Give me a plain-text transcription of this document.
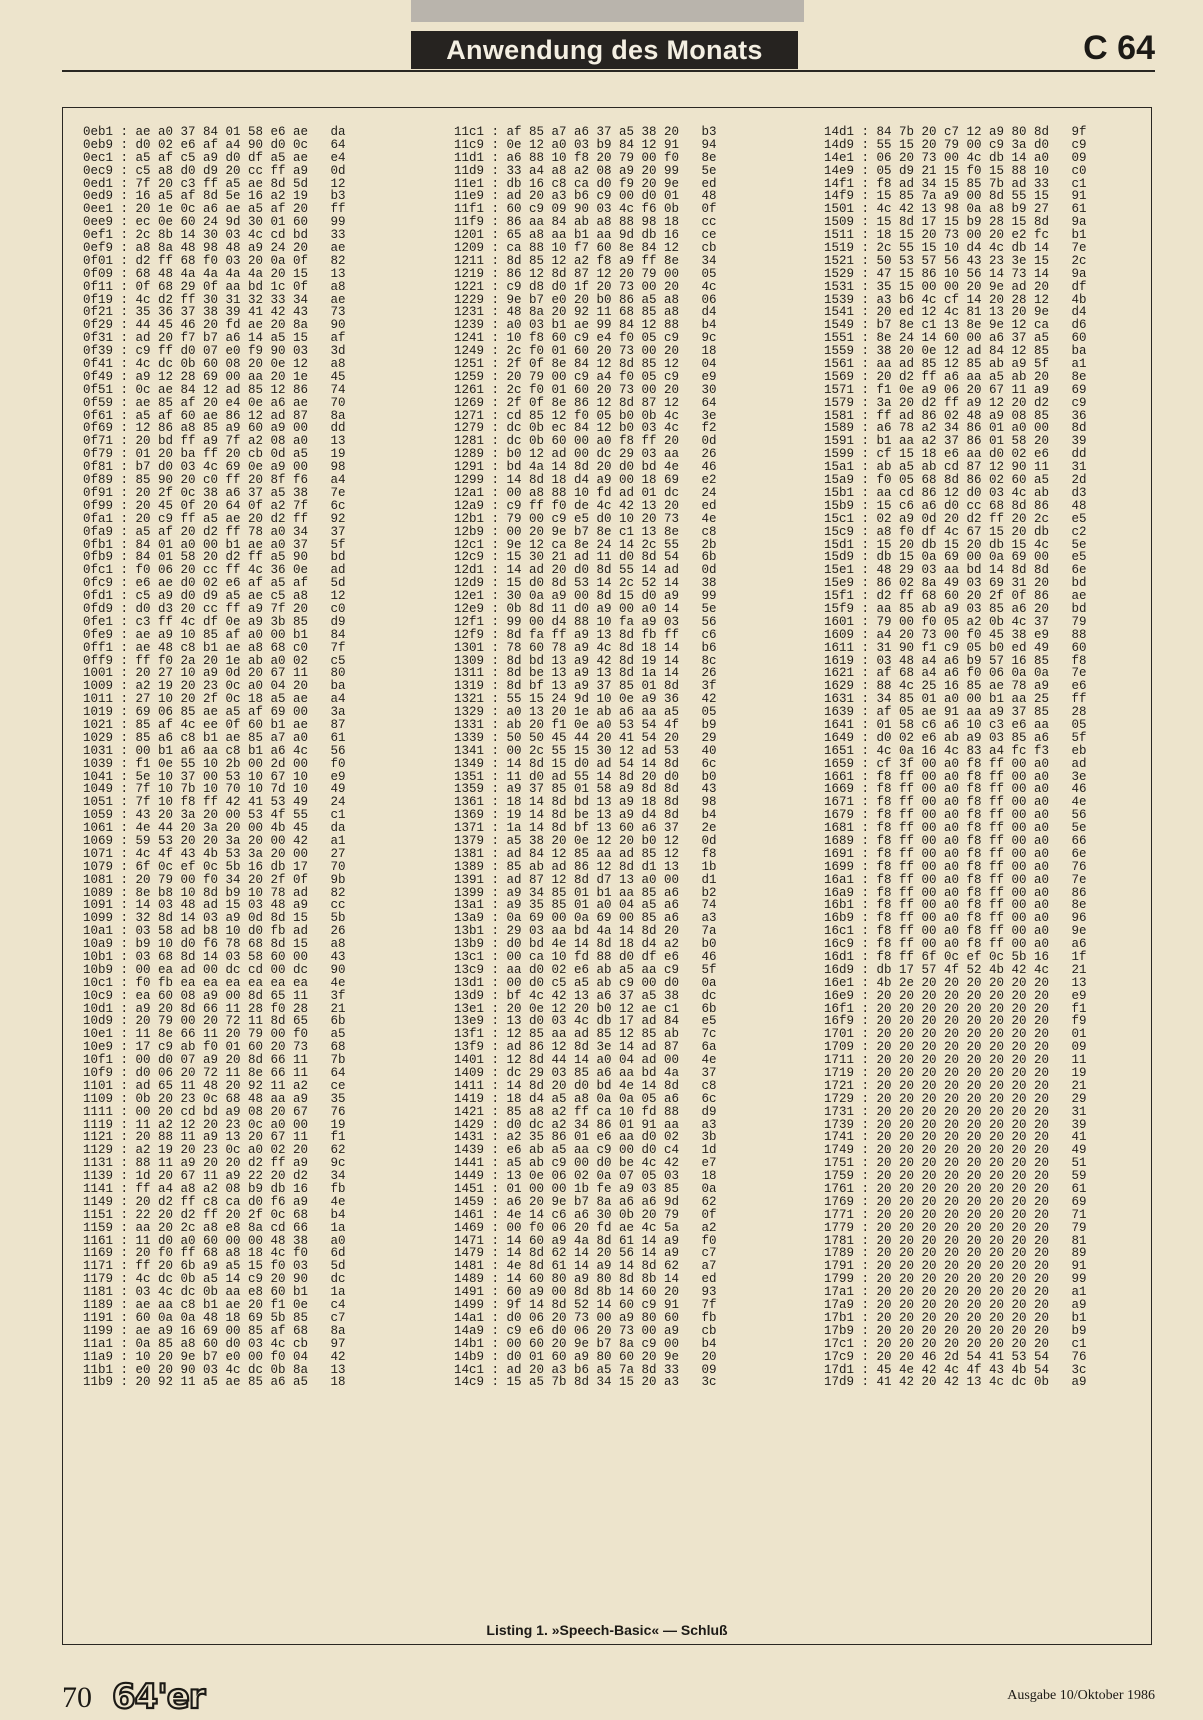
Anwendung des Monats	C 64
0eb1 : ae a0 37 84 01 58 e6 ae   da
0eb9 : d0 02 e6 af a4 90 d0 0c   64
0ec1 : a5 af c5 a9 d0 df a5 ae   e4
0ec9 : c5 a8 d0 d9 20 cc ff a9   0d
0ed1 : 7f 20 c3 ff a5 ae 8d 5d   12
0ed9 : 16 a5 af 8d 5e 16 a2 19   b3
0ee1 : 20 1e 0c a6 ae a5 af 20   ff
0ee9 : ec 0e 60 24 9d 30 01 60   99
0ef1 : 2c 8b 14 30 03 4c cd bd   33
0ef9 : a8 8a 48 98 48 a9 24 20   ae
0f01 : d2 ff 68 f0 03 20 0a 0f   82
0f09 : 68 48 4a 4a 4a 4a 20 15   13
0f11 : 0f 68 29 0f aa bd 1c 0f   a8
0f19 : 4c d2 ff 30 31 32 33 34   ae
0f21 : 35 36 37 38 39 41 42 43   73
0f29 : 44 45 46 20 fd ae 20 8a   90
0f31 : ad 20 f7 b7 a6 14 a5 15   af
0f39 : c9 ff d0 07 e0 f9 90 03   3d
0f41 : 4c dc 0b 60 08 20 0e 12   a8
0f49 : a9 12 28 69 00 aa 20 1e   45
0f51 : 0c ae 84 12 ad 85 12 86   74
0f59 : ae 85 af 20 e4 0e a6 ae   70
0f61 : a5 af 60 ae 86 12 ad 87   8a
0f69 : 12 86 a8 85 a9 60 a9 00   dd
0f71 : 20 bd ff a9 7f a2 08 a0   13
0f79 : 01 20 ba ff 20 cb 0d a5   19
0f81 : b7 d0 03 4c 69 0e a9 00   98
0f89 : 85 90 20 c0 ff 20 8f f6   a4
0f91 : 20 2f 0c 38 a6 37 a5 38   7e
0f99 : 20 45 0f 20 64 0f a2 7f   6c
0fa1 : 20 c9 ff a5 ae 20 d2 ff   92
0fa9 : a5 af 20 d2 ff 78 a0 34   37
0fb1 : 84 01 a0 00 b1 ae a0 37   5f
0fb9 : 84 01 58 20 d2 ff a5 90   bd
0fc1 : f0 06 20 cc ff 4c 36 0e   ad
0fc9 : e6 ae d0 02 e6 af a5 af   5d
0fd1 : c5 a9 d0 d9 a5 ae c5 a8   12
0fd9 : d0 d3 20 cc ff a9 7f 20   c0
0fe1 : c3 ff 4c df 0e a9 3b 85   d9
0fe9 : ae a9 10 85 af a0 00 b1   84
0ff1 : ae 48 c8 b1 ae a8 68 c0   7f
0ff9 : ff f0 2a 20 1e ab a0 02   c5
1001 : 20 27 10 a9 0d 20 67 11   80
1009 : a2 19 20 23 0c a0 04 20   ba
1011 : 27 10 20 2f 0c 18 a5 ae   a4
1019 : 69 06 85 ae a5 af 69 00   3a
1021 : 85 af 4c ee 0f 60 b1 ae   87
1029 : 85 a6 c8 b1 ae 85 a7 a0   61
1031 : 00 b1 a6 aa c8 b1 a6 4c   56
1039 : f1 0e 55 10 2b 00 2d 00   f0
1041 : 5e 10 37 00 53 10 67 10   e9
1049 : 7f 10 7b 10 70 10 7d 10   49
1051 : 7f 10 f8 ff 42 41 53 49   24
1059 : 43 20 3a 20 00 53 4f 55   c1
1061 : 4e 44 20 3a 20 00 4b 45   da
1069 : 59 53 20 20 3a 20 00 42   a1
1071 : 4c 4f 43 4b 53 3a 20 00   27
1079 : 6f 0c ef 0c 5b 16 db 17   70
1081 : 20 79 00 f0 34 20 2f 0f   9b
1089 : 8e b8 10 8d b9 10 78 ad   82
1091 : 14 03 48 ad 15 03 48 a9   cc
1099 : 32 8d 14 03 a9 0d 8d 15   5b
10a1 : 03 58 ad b8 10 d0 fb ad   26
10a9 : b9 10 d0 f6 78 68 8d 15   a8
10b1 : 03 68 8d 14 03 58 60 00   43
10b9 : 00 ea ad 00 dc cd 00 dc   90
10c1 : f0 fb ea ea ea ea ea ea   4e
10c9 : ea 60 08 a9 00 8d 65 11   3f
10d1 : a9 20 8d 66 11 28 f0 28   21
10d9 : 20 79 00 20 72 11 8d 65   6b
10e1 : 11 8e 66 11 20 79 00 f0   a5
10e9 : 17 c9 ab f0 01 60 20 73   68
10f1 : 00 d0 07 a9 20 8d 66 11   7b
10f9 : d0 06 20 72 11 8e 66 11   64
1101 : ad 65 11 48 20 92 11 a2   ce
1109 : 0b 20 23 0c 68 48 aa a9   35
1111 : 00 20 cd bd a9 08 20 67   76
1119 : 11 a2 12 20 23 0c a0 00   19
1121 : 20 88 11 a9 13 20 67 11   f1
1129 : a2 19 20 23 0c a0 02 20   62
1131 : 88 11 a9 20 20 d2 ff a9   9c
1139 : 1d 20 67 11 a9 22 20 d2   34
1141 : ff a4 a8 a2 08 b9 db 16   fb
1149 : 20 d2 ff c8 ca d0 f6 a9   4e
1151 : 22 20 d2 ff 20 2f 0c 68   b4
1159 : aa 20 2c a8 e8 8a cd 66   1a
1161 : 11 d0 a0 60 00 00 48 38   a0
1169 : 20 f0 ff 68 a8 18 4c f0   6d
1171 : ff 20 6b a9 a5 15 f0 03   5d
1179 : 4c dc 0b a5 14 c9 20 90   dc
1181 : 03 4c dc 0b aa e8 60 b1   1a
1189 : ae aa c8 b1 ae 20 f1 0e   c4
1191 : 60 0a 0a 48 18 69 5b 85   c7
1199 : ae a9 16 69 00 85 af 68   8a
11a1 : 0a 85 a8 60 d0 03 4c cb   97
11a9 : 10 20 9e b7 e0 00 f0 04   42
11b1 : e0 20 90 03 4c dc 0b 8a   13
11b9 : 20 92 11 a5 ae 85 a6 a5   18
11c1 : af 85 a7 a6 37 a5 38 20   b3
11c9 : 0e 12 a0 03 b9 84 12 91   94
11d1 : a6 88 10 f8 20 79 00 f0   8e
11d9 : 33 a4 a8 a2 08 a9 20 99   5e
11e1 : db 16 c8 ca d0 f9 20 9e   ed
11e9 : ad 20 a3 b6 c9 00 d0 01   48
11f1 : 60 c9 09 90 03 4c f6 0b   0f
11f9 : 86 aa 84 ab a8 88 98 18   cc
1201 : 65 a8 aa b1 aa 9d db 16   ce
1209 : ca 88 10 f7 60 8e 84 12   cb
1211 : 8d 85 12 a2 f8 a9 ff 8e   34
1219 : 86 12 8d 87 12 20 79 00   05
1221 : c9 d8 d0 1f 20 73 00 20   4c
1229 : 9e b7 e0 20 b0 86 a5 a8   06
1231 : 48 8a 20 92 11 68 85 a8   d4
1239 : a0 03 b1 ae 99 84 12 88   b4
1241 : 10 f8 60 c9 e4 f0 05 c9   9c
1249 : 2c f0 01 60 20 73 00 20   18
1251 : 2f 0f 8e 84 12 8d 85 12   04
1259 : 20 79 00 c9 a4 f0 05 c9   e9
1261 : 2c f0 01 60 20 73 00 20   30
1269 : 2f 0f 8e 86 12 8d 87 12   64
1271 : cd 85 12 f0 05 b0 0b 4c   3e
1279 : dc 0b ec 84 12 b0 03 4c   f2
1281 : dc 0b 60 00 a0 f8 ff 20   0d
1289 : b0 12 ad 00 dc 29 03 aa   26
1291 : bd 4a 14 8d 20 d0 bd 4e   46
1299 : 14 8d 18 d4 a9 00 18 69   e2
12a1 : 00 a8 88 10 fd ad 01 dc   24
12a9 : c9 ff f0 de 4c 42 13 20   ed
12b1 : 79 00 c9 e5 d0 10 20 73   4e
12b9 : 00 20 9e b7 8e c1 13 8e   c8
12c1 : 9e 12 ca 8e 24 14 2c 55   2b
12c9 : 15 30 21 ad 11 d0 8d 54   6b
12d1 : 14 ad 20 d0 8d 55 14 ad   0d
12d9 : 15 d0 8d 53 14 2c 52 14   38
12e1 : 30 0a a9 00 8d 15 d0 a9   99
12e9 : 0b 8d 11 d0 a9 00 a0 14   5e
12f1 : 99 00 d4 88 10 fa a9 03   56
12f9 : 8d fa ff a9 13 8d fb ff   c6
1301 : 78 60 78 a9 4c 8d 18 14   b6
1309 : 8d bd 13 a9 42 8d 19 14   8c
1311 : 8d be 13 a9 13 8d 1a 14   26
1319 : 8d bf 13 a9 37 85 01 8d   3f
1321 : 55 15 24 9d 10 0e a9 36   42
1329 : a0 13 20 1e ab a6 aa a5   05
1331 : ab 20 f1 0e a0 53 54 4f   b9
1339 : 50 50 45 44 20 41 54 20   29
1341 : 00 2c 55 15 30 12 ad 53   40
1349 : 14 8d 15 d0 ad 54 14 8d   6c
1351 : 11 d0 ad 55 14 8d 20 d0   b0
1359 : a9 37 85 01 58 a9 8d 8d   43
1361 : 18 14 8d bd 13 a9 18 8d   98
1369 : 19 14 8d be 13 a9 d4 8d   b4
1371 : 1a 14 8d bf 13 60 a6 37   2e
1379 : a5 38 20 0e 12 20 b0 12   0d
1381 : ad 84 12 85 aa ad 85 12   f8
1389 : 85 ab ad 86 12 8d d1 13   1b
1391 : ad 87 12 8d d7 13 a0 00   d1
1399 : a9 34 85 01 b1 aa 85 a6   b2
13a1 : a9 35 85 01 a0 04 a5 a6   74
13a9 : 0a 69 00 0a 69 00 85 a6   a3
13b1 : 29 03 aa bd 4a 14 8d 20   7a
13b9 : d0 bd 4e 14 8d 18 d4 a2   b0
13c1 : 00 ca 10 fd 88 d0 df e6   46
13c9 : aa d0 02 e6 ab a5 aa c9   5f
13d1 : 00 d0 c5 a5 ab c9 00 d0   0a
13d9 : bf 4c 42 13 a6 37 a5 38   dc
13e1 : 20 0e 12 20 b0 12 ae c1   6b
13e9 : 13 d0 03 4c db 17 ad 84   e5
13f1 : 12 85 aa ad 85 12 85 ab   7c
13f9 : ad 86 12 8d 3e 14 ad 87   6a
1401 : 12 8d 44 14 a0 04 ad 00   4e
1409 : dc 29 03 85 a6 aa bd 4a   37
1411 : 14 8d 20 d0 bd 4e 14 8d   c8
1419 : 18 d4 a5 a8 0a 0a 05 a6   6c
1421 : 85 a8 a2 ff ca 10 fd 88   d9
1429 : d0 dc a2 34 86 01 91 aa   a3
1431 : a2 35 86 01 e6 aa d0 02   3b
1439 : e6 ab a5 aa c9 00 d0 c4   1d
1441 : a5 ab c9 00 d0 be 4c 42   e7
1449 : 13 0e 06 02 0a 07 05 03   18
1451 : 01 00 00 1b fe a9 03 85   0a
1459 : a6 20 9e b7 8a a6 a6 9d   62
1461 : 4e 14 c6 a6 30 0b 20 79   0f
1469 : 00 f0 06 20 fd ae 4c 5a   a2
1471 : 14 60 a9 4a 8d 61 14 a9   f0
1479 : 14 8d 62 14 20 56 14 a9   c7
1481 : 4e 8d 61 14 a9 14 8d 62   a7
1489 : 14 60 80 a9 80 8d 8b 14   ed
1491 : 60 a9 00 8d 8b 14 60 20   93
1499 : 9f 14 8d 52 14 60 c9 91   7f
14a1 : d0 06 20 73 00 a9 80 60   fb
14a9 : c9 e6 d0 06 20 73 00 a9   cb
14b1 : 00 60 20 9e b7 8a c9 00   b4
14b9 : d0 01 60 a9 80 60 20 9e   20
14c1 : ad 20 a3 b6 a5 7a 8d 33   09
14c9 : 15 a5 7b 8d 34 15 20 a3   3c
14d1 : 84 7b 20 c7 12 a9 80 8d   9f
14d9 : 55 15 20 79 00 c9 3a d0   c9
14e1 : 06 20 73 00 4c db 14 a0   09
14e9 : 05 d9 21 15 f0 15 88 10   c0
14f1 : f8 ad 34 15 85 7b ad 33   c1
14f9 : 15 85 7a a9 00 8d 55 15   91
1501 : 4c 42 13 98 0a a8 b9 27   61
1509 : 15 8d 17 15 b9 28 15 8d   9a
1511 : 18 15 20 73 00 20 e2 fc   b1
1519 : 2c 55 15 10 d4 4c db 14   7e
1521 : 50 53 57 56 43 23 3e 15   2c
1529 : 47 15 86 10 56 14 73 14   9a
1531 : 35 15 00 00 20 9e ad 20   df
1539 : a3 b6 4c cf 14 20 28 12   4b
1541 : 20 ed 12 4c 81 13 20 9e   d4
1549 : b7 8e c1 13 8e 9e 12 ca   d6
1551 : 8e 24 14 60 00 a6 37 a5   60
1559 : 38 20 0e 12 ad 84 12 85   ba
1561 : aa ad 85 12 85 ab a9 5f   a1
1569 : 20 d2 ff a6 aa a5 ab 20   8e
1571 : f1 0e a9 06 20 67 11 a9   69
1579 : 3a 20 d2 ff a9 12 20 d2   c9
1581 : ff ad 86 02 48 a9 08 85   36
1589 : a6 78 a2 34 86 01 a0 00   8d
1591 : b1 aa a2 37 86 01 58 20   39
1599 : cf 15 18 e6 aa d0 02 e6   dd
15a1 : ab a5 ab cd 87 12 90 11   31
15a9 : f0 05 68 8d 86 02 60 a5   2d
15b1 : aa cd 86 12 d0 03 4c ab   d3
15b9 : 15 c6 a6 d0 cc 68 8d 86   48
15c1 : 02 a9 0d 20 d2 ff 20 2c   e5
15c9 : a8 f0 df 4c 67 15 20 db   c2
15d1 : 15 20 db 15 20 db 15 4c   5e
15d9 : db 15 0a 69 00 0a 69 00   e5
15e1 : 48 29 03 aa bd 14 8d 8d   6e
15e9 : 86 02 8a 49 03 69 31 20   bd
15f1 : d2 ff 68 60 20 2f 0f 86   ae
15f9 : aa 85 ab a9 03 85 a6 20   bd
1601 : 79 00 f0 05 a2 0b 4c 37   79
1609 : a4 20 73 00 f0 45 38 e9   88
1611 : 31 90 f1 c9 05 b0 ed 49   60
1619 : 03 48 a4 a6 b9 57 16 85   f8
1621 : af 68 a4 a6 f0 06 0a 0a   7e
1629 : 88 4c 25 16 85 ae 78 a9   e6
1631 : 34 85 01 a0 00 b1 aa 25   ff
1639 : af 05 ae 91 aa a9 37 85   28
1641 : 01 58 c6 a6 10 c3 e6 aa   05
1649 : d0 02 e6 ab a9 03 85 a6   5f
1651 : 4c 0a 16 4c 83 a4 fc f3   eb
1659 : cf 3f 00 a0 f8 ff 00 a0   ad
1661 : f8 ff 00 a0 f8 ff 00 a0   3e
1669 : f8 ff 00 a0 f8 ff 00 a0   46
1671 : f8 ff 00 a0 f8 ff 00 a0   4e
1679 : f8 ff 00 a0 f8 ff 00 a0   56
1681 : f8 ff 00 a0 f8 ff 00 a0   5e
1689 : f8 ff 00 a0 f8 ff 00 a0   66
1691 : f8 ff 00 a0 f8 ff 00 a0   6e
1699 : f8 ff 00 a0 f8 ff 00 a0   76
16a1 : f8 ff 00 a0 f8 ff 00 a0   7e
16a9 : f8 ff 00 a0 f8 ff 00 a0   86
16b1 : f8 ff 00 a0 f8 ff 00 a0   8e
16b9 : f8 ff 00 a0 f8 ff 00 a0   96
16c1 : f8 ff 00 a0 f8 ff 00 a0   9e
16c9 : f8 ff 00 a0 f8 ff 00 a0   a6
16d1 : f8 ff 6f 0c ef 0c 5b 16   1f
16d9 : db 17 57 4f 52 4b 42 4c   21
16e1 : 4b 2e 20 20 20 20 20 20   13
16e9 : 20 20 20 20 20 20 20 20   e9
16f1 : 20 20 20 20 20 20 20 20   f1
16f9 : 20 20 20 20 20 20 20 20   f9
1701 : 20 20 20 20 20 20 20 20   01
1709 : 20 20 20 20 20 20 20 20   09
1711 : 20 20 20 20 20 20 20 20   11
1719 : 20 20 20 20 20 20 20 20   19
1721 : 20 20 20 20 20 20 20 20   21
1729 : 20 20 20 20 20 20 20 20   29
1731 : 20 20 20 20 20 20 20 20   31
1739 : 20 20 20 20 20 20 20 20   39
1741 : 20 20 20 20 20 20 20 20   41
1749 : 20 20 20 20 20 20 20 20   49
1751 : 20 20 20 20 20 20 20 20   51
1759 : 20 20 20 20 20 20 20 20   59
1761 : 20 20 20 20 20 20 20 20   61
1769 : 20 20 20 20 20 20 20 20   69
1771 : 20 20 20 20 20 20 20 20   71
1779 : 20 20 20 20 20 20 20 20   79
1781 : 20 20 20 20 20 20 20 20   81
1789 : 20 20 20 20 20 20 20 20   89
1791 : 20 20 20 20 20 20 20 20   91
1799 : 20 20 20 20 20 20 20 20   99
17a1 : 20 20 20 20 20 20 20 20   a1
17a9 : 20 20 20 20 20 20 20 20   a9
17b1 : 20 20 20 20 20 20 20 20   b1
17b9 : 20 20 20 20 20 20 20 20   b9
17c1 : 20 20 20 20 20 20 20 20   c1
17c9 : 20 20 46 2d 54 41 53 54   76
17d1 : 45 4e 42 4c 4f 43 4b 54   3c
17d9 : 41 42 20 42 13 4c dc 0b   a9
Listing 1. »Speech-Basic« — Schluß
70 64'er	Ausgabe 10/Oktober 1986
